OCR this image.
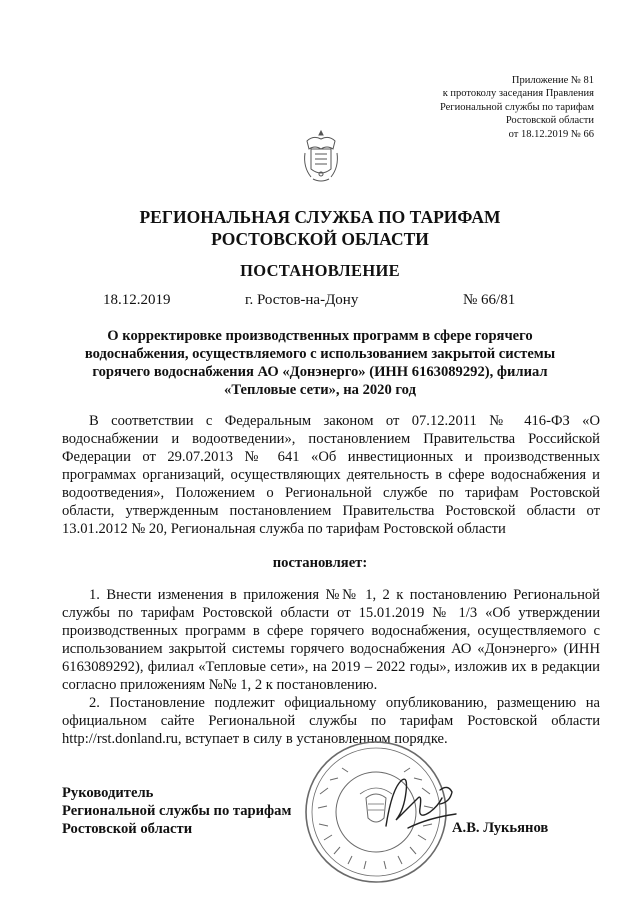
Приложение № 81
к протоколу заседания Правления
Региональной службы по тарифам
Ростовской области
от 18.12.2019 № 66
РЕГИОНАЛЬНАЯ СЛУЖБА ПО ТАРИФАМ
РОСТОВСКОЙ ОБЛАСТИ
ПОСТАНОВЛЕНИЕ
18.12.2019	г. Ростов-на-Дону	№ 66/81
О корректировке производственных программ в сфере горячего водоснабжения, осуществляемого с использованием закрытой системы горячего водоснабжения АО «Донэнерго» (ИНН 6163089292), филиал «Тепловые сети», на 2020 год
В соответствии с Федеральным законом от 07.12.2011 № 416-ФЗ «О водоснабжении и водоотведении», постановлением Правительства Российской Федерации от 29.07.2013 № 641 «Об инвестиционных и производственных программах организаций, осуществляющих деятельность в сфере водоснабжения и водоотведения», Положением о Региональной службе по тарифам Ростовской области, утвержденным постановлением Правительства Ростовской области от 13.01.2012 № 20, Региональная служба по тарифам Ростовской области
постановляет:
1. Внести изменения в приложения №№ 1, 2 к постановлению Региональной службы по тарифам Ростовской области от 15.01.2019 № 1/3 «Об утверждении производственных программ в сфере горячего водоснабжения, осуществляемого с использованием закрытой системы горячего водоснабжения АО «Донэнерго» (ИНН 6163089292), филиал «Тепловые сети», на 2019 – 2022 годы», изложив их в редакции согласно приложениям №№ 1, 2 к постановлению.
2. Постановление подлежит официальному опубликованию, размещению на официальном сайте Региональной службы по тарифам Ростовской области http://rst.donland.ru, вступает в силу в установленном порядке.
Руководитель
Региональной службы по тарифам
Ростовской области	А.В. Лукьянов
